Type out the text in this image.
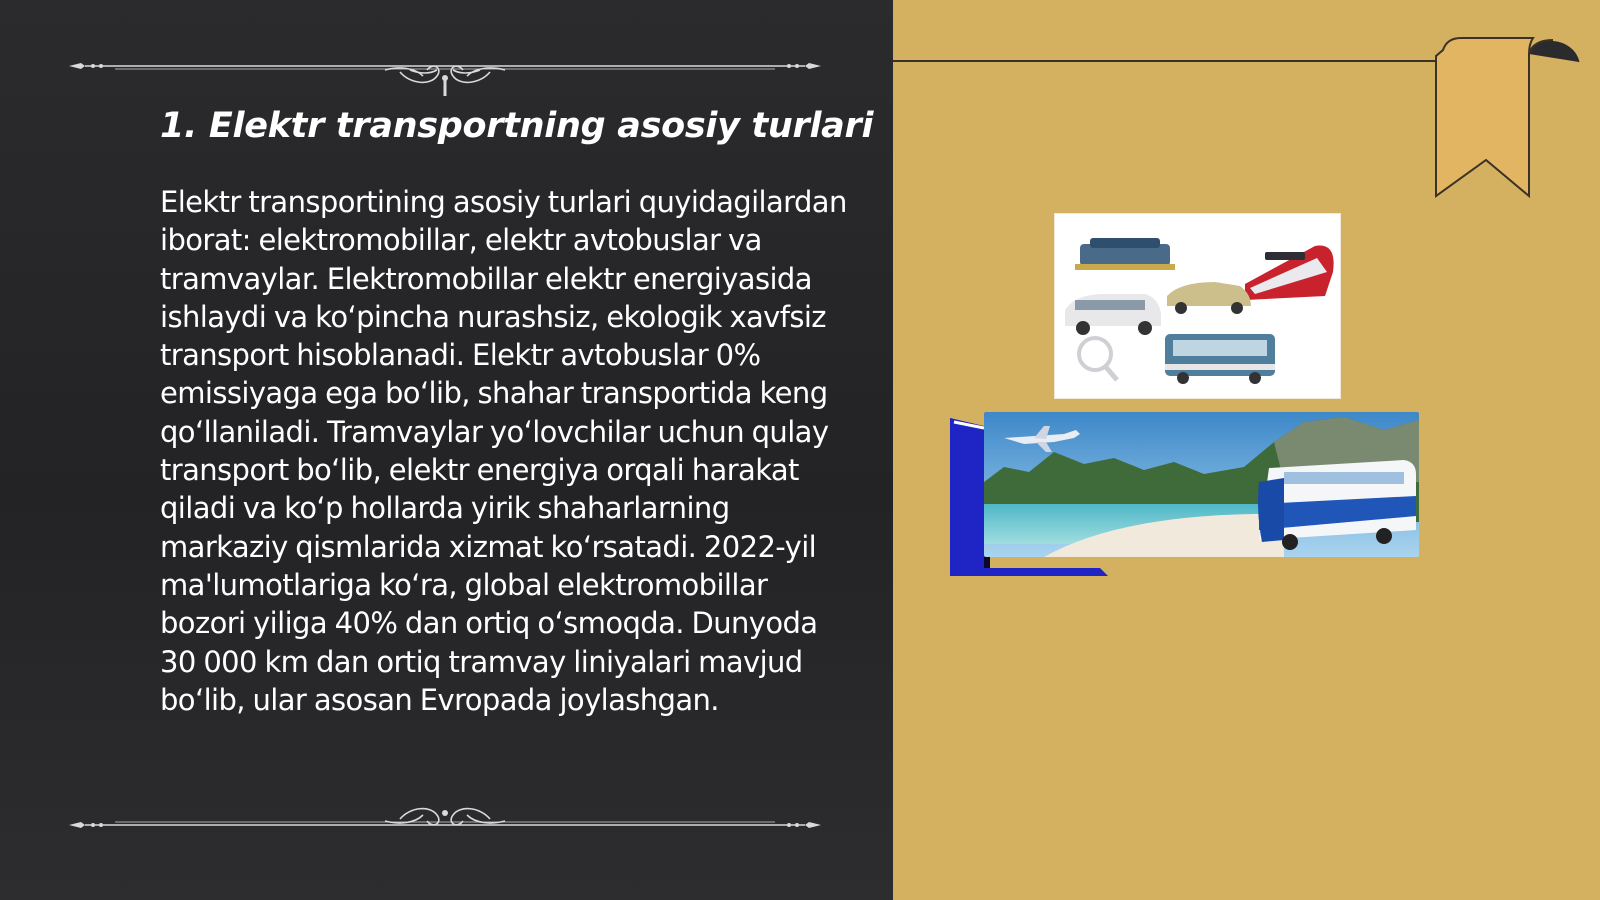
1. Elektr transportning asosiy turlari

Elektr transportining asosiy turlari quyidagilardan iborat: elektromobillar, elektr avtobuslar va tramvaylar. Elektromobillar elektr energiyasida ishlaydi va ko‘pincha nurashsiz, ekologik xavfsiz transport hisoblanadi. Elektr avtobuslar 0% emissiyaga ega bo‘lib, shahar transportida keng qo‘llaniladi. Tramvaylar yo‘lovchilar uchun qulay transport bo‘lib, elektr energiya orqali harakat qiladi va ko‘p hollarda yirik shaharlarning markaziy qismlarida xizmat ko‘rsatadi. 2022-yil ma'lumotlariga ko‘ra, global elektromobillar bozori yiliga 40% dan ortiq o‘smoqda. Dunyoda 30 000 km dan ortiq tramvay liniyalari mavjud bo‘lib, ular asosan Evropada joylashgan.
